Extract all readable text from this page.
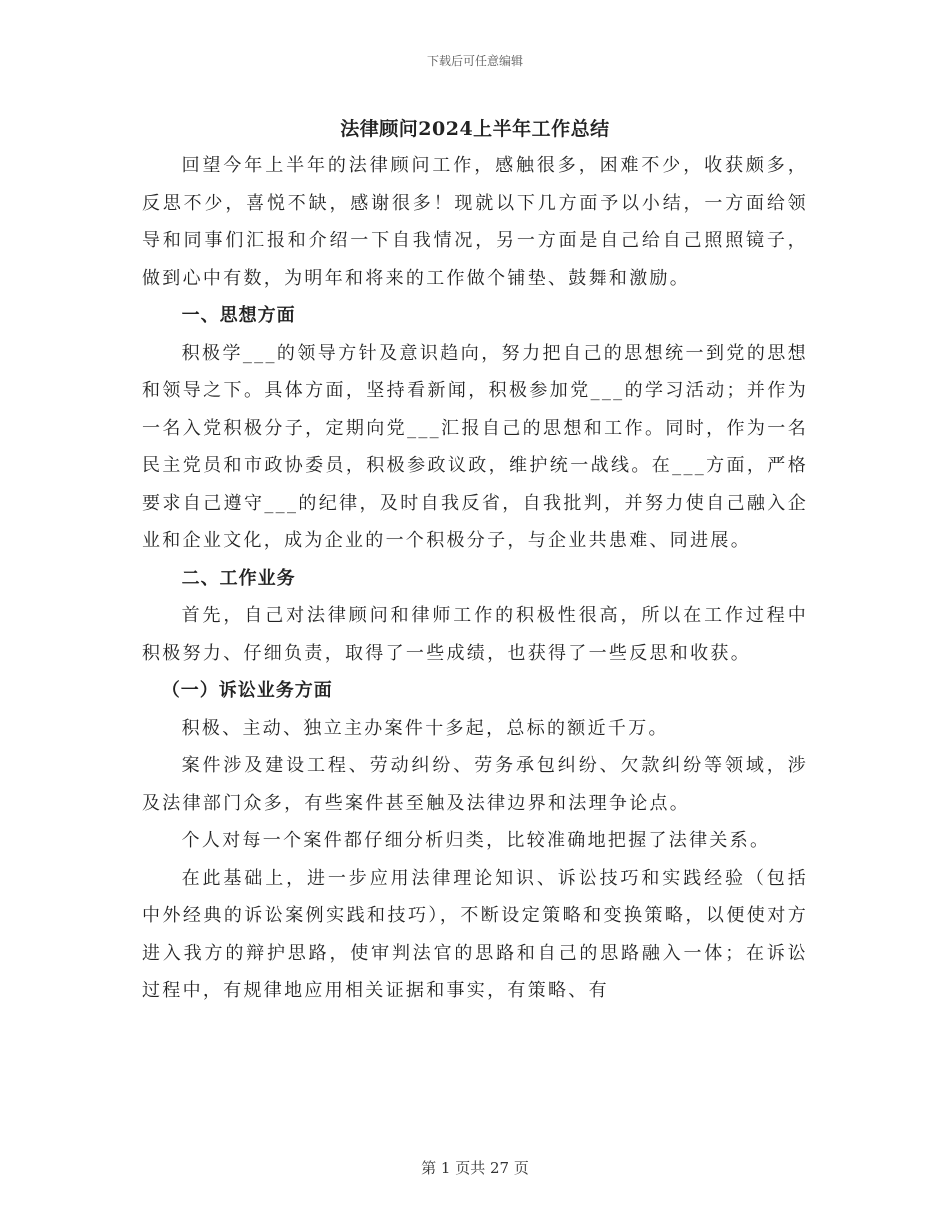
下载后可任意编辑
法律顾问2024上半年工作总结

回望今年上半年的法律顾问工作，感触很多，困难不少，收获颇多，反思不少，喜悦不缺，感谢很多！现就以下几方面予以小结，一方面给领导和同事们汇报和介绍一下自我情况，另一方面是自己给自己照照镜子，做到心中有数，为明年和将来的工作做个铺垫、鼓舞和激励。

一、思想方面

积极学___的领导方针及意识趋向，努力把自己的思想统一到党的思想和领导之下。具体方面，坚持看新闻，积极参加党___的学习活动；并作为一名入党积极分子，定期向党___汇报自己的思想和工作。同时，作为一名民主党员和市政协委员，积极参政议政，维护统一战线。在___方面，严格要求自己遵守___的纪律，及时自我反省，自我批判，并努力使自己融入企业和企业文化，成为企业的一个积极分子，与企业共患难、同进展。

二、工作业务

首先，自己对法律顾问和律师工作的积极性很高，所以在工作过程中积极努力、仔细负责，取得了一些成绩，也获得了一些反思和收获。

（一）诉讼业务方面

积极、主动、独立主办案件十多起，总标的额近千万。

案件涉及建设工程、劳动纠纷、劳务承包纠纷、欠款纠纷等领域，涉及法律部门众多，有些案件甚至触及法律边界和法理争论点。

个人对每一个案件都仔细分析归类，比较准确地把握了法律关系。

在此基础上，进一步应用法律理论知识、诉讼技巧和实践经验（包括中外经典的诉讼案例实践和技巧），不断设定策略和变换策略，以便使对方进入我方的辩护思路，使审判法官的思路和自己的思路融入一体；在诉讼过程中，有规律地应用相关证据和事实，有策略、有

第 1 页共 27 页
